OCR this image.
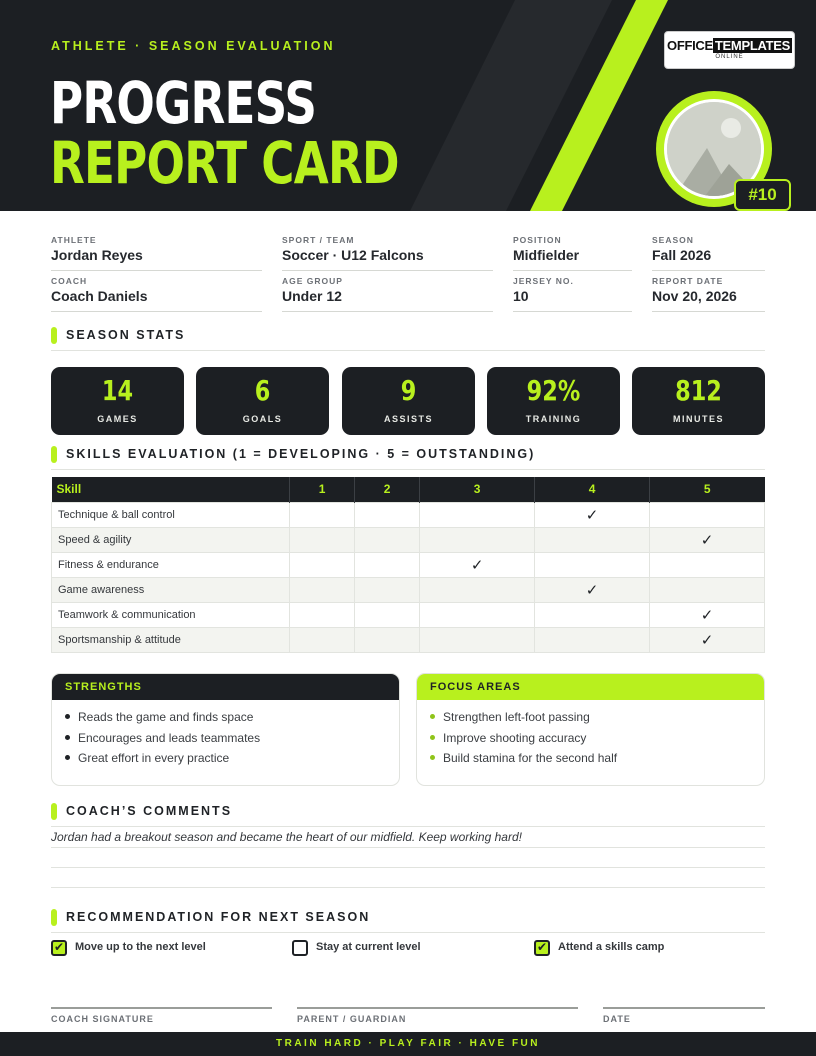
ATHLETE · SEASON EVALUATION
PROGRESS
REPORT CARD
OFFICE TEMPLATES
ONLINE
#10
ATHLETE
Jordan Reyes
SPORT / TEAM
Soccer · U12 Falcons
POSITION
Midfielder
SEASON
Fall 2026
COACH
Coach Daniels
AGE GROUP
Under 12
JERSEY NO.
10
REPORT DATE
Nov 20, 2026
SEASON STATS
14
GAMES
6
GOALS
9
ASSISTS
92%
TRAINING
812
MINUTES
SKILLS EVALUATION (1 = DEVELOPING · 5 = OUTSTANDING)
Skill	1	2	3	4	5
Technique & ball control				✓	
Speed & agility					✓
Fitness & endurance			✓		
Game awareness				✓	
Teamwork & communication					✓
Sportsmanship & attitude					✓
STRENGTHS
Reads the game and finds space
Encourages and leads teammates
Great effort in every practice
FOCUS AREAS
Strengthen left-foot passing
Improve shooting accuracy
Build stamina for the second half
COACH’S COMMENTS
Jordan had a breakout season and became the heart of our midfield. Keep working hard!
RECOMMENDATION FOR NEXT SEASON
✔
Move up to the next level	Stay at current level ✔	Attend a skills camp
COACH SIGNATURE	PARENT / GUARDIAN	DATE
TRAIN HARD · PLAY FAIR · HAVE FUN
